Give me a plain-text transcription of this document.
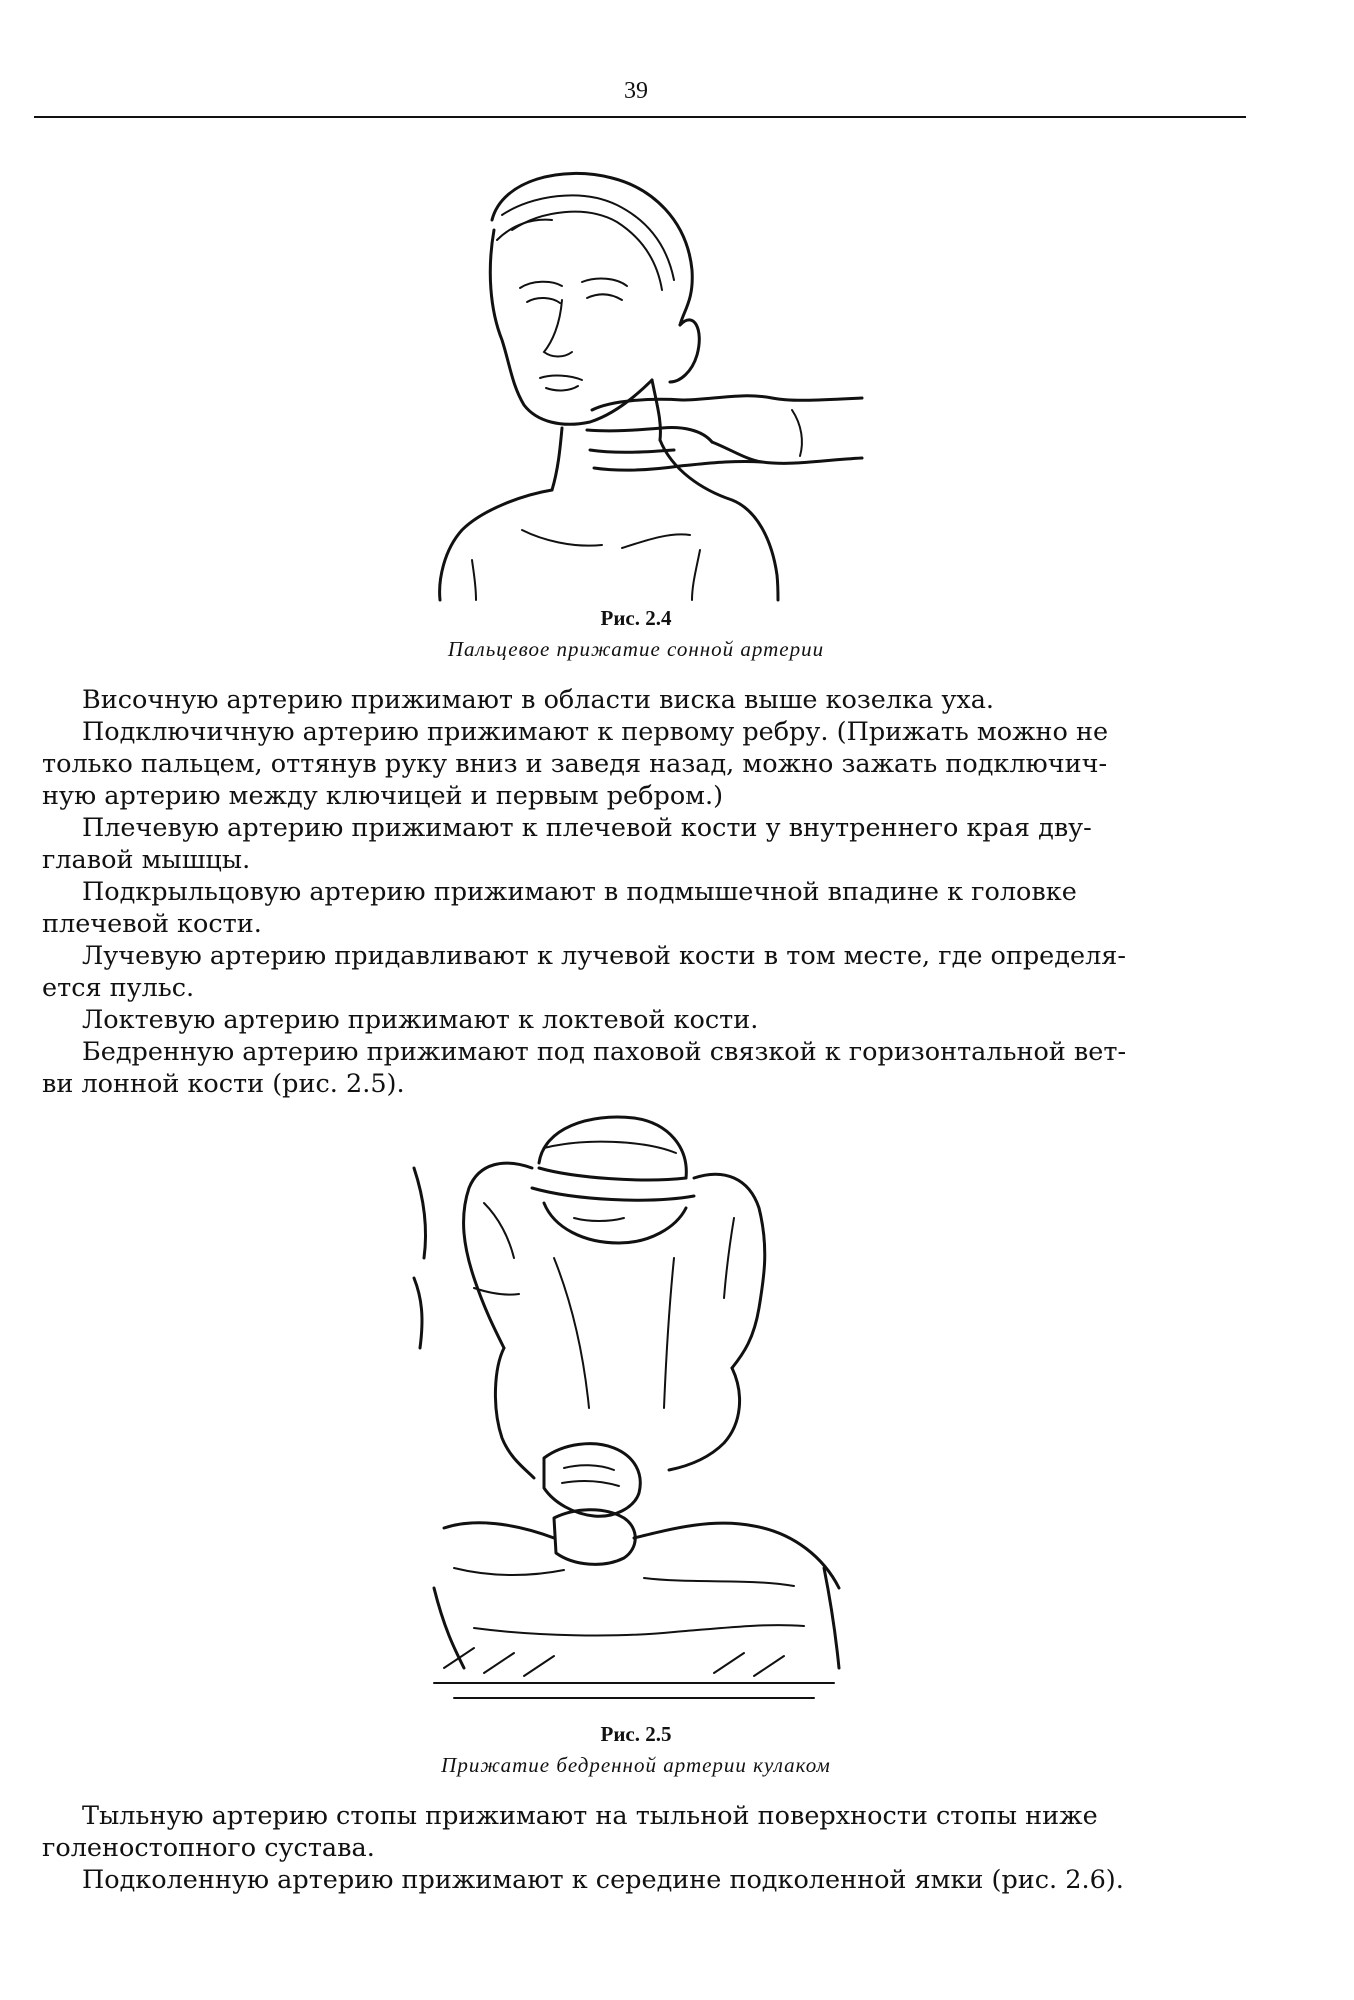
39
Рис. 2.4
Пальцевое прижатие сонной артерии

Височную артерию прижимают в области виска выше козелка уха.

Подключичную артерию прижимают к первому ребру. (Прижать можно не
только пальцем, оттянув руку вниз и заведя назад, можно зажать подключич-
ную артерию между ключицей и первым ребром.)

Плечевую артерию прижимают к плечевой кости у внутреннего края дву-
главой мышцы.

Подкрыльцовую артерию прижимают в подмышечной впадине к головке
плечевой кости.

Лучевую артерию придавливают к лучевой кости в том месте, где определя-
ется пульс.

Локтевую артерию прижимают к локтевой кости.

Бедренную артерию прижимают под паховой связкой к горизонтальной вет-
ви лонной кости (рис. 2.5).

Рис. 2.5
Прижатие бедренной артерии кулаком

Тыльную артерию стопы прижимают на тыльной поверхности стопы ниже
голеностопного сустава.

Подколенную артерию прижимают к середине подколенной ямки (рис. 2.6).
